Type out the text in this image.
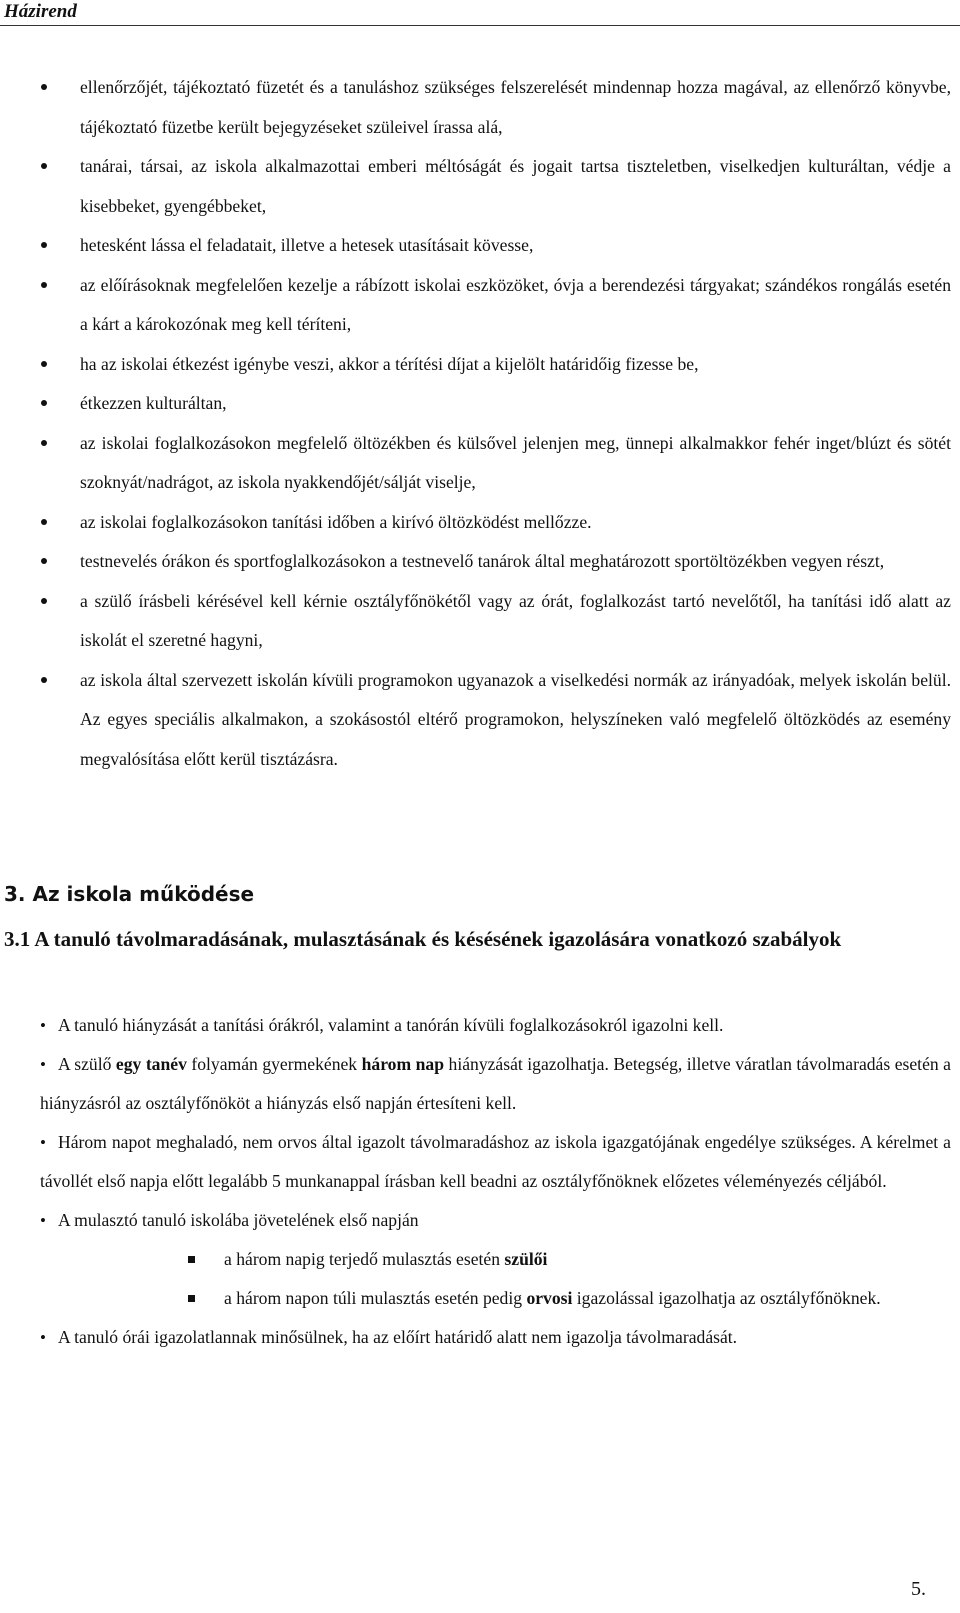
Házirend
ellenőrzőjét, tájékoztató füzetét és a tanuláshoz szükséges felszerelését mindennap hozza magával, az ellenőrző könyvbe, tájékoztató füzetbe került bejegyzéseket szüleivel írassa alá,
tanárai, társai, az iskola alkalmazottai emberi méltóságát és jogait tartsa tiszteletben, viselkedjen kulturáltan, védje a kisebbeket, gyengébbeket,
hetesként lássa el feladatait, illetve a hetesek utasításait kövesse,
az előírásoknak megfelelően kezelje a rábízott iskolai eszközöket, óvja a berendezési tárgyakat; szándékos rongálás esetén a kárt a károkozónak meg kell téríteni,
ha az iskolai étkezést igénybe veszi, akkor a térítési díjat a kijelölt határidőig fizesse be,
étkezzen kulturáltan,
az iskolai foglalkozásokon megfelelő öltözékben és külsővel jelenjen meg, ünnepi alkalmakkor fehér inget/blúzt és sötét szoknyát/nadrágot, az iskola nyakkendőjét/sálját viselje,
az iskolai foglalkozásokon tanítási időben a kirívó öltözködést mellőzze.
testnevelés órákon és sportfoglalkozásokon a testnevelő tanárok által meghatározott sportöltözékben vegyen részt,
a szülő írásbeli kérésével kell kérnie osztályfőnökétől vagy az órát, foglalkozást tartó nevelőtől, ha tanítási idő alatt az iskolát el szeretné hagyni,
az iskola által szervezett iskolán kívüli programokon ugyanazok a viselkedési normák az irányadóak, melyek iskolán belül. Az egyes speciális alkalmakon, a szokásostól eltérő programokon, helyszíneken való megfelelő öltözködés az esemény megvalósítása előtt kerül tisztázásra.
3. Az iskola működése
3.1 A tanuló távolmaradásának, mulasztásának és késésének igazolására vonatkozó szabályok
• A tanuló hiányzását a tanítási órákról, valamint a tanórán kívüli foglalkozásokról igazolni kell.
• A szülő egy tanév folyamán gyermekének három nap hiányzását igazolhatja. Betegség, illetve váratlan távolmaradás esetén a hiányzásról az osztályfőnököt a hiányzás első napján értesíteni kell.
• Három napot meghaladó, nem orvos által igazolt távolmaradáshoz az iskola igazgatójának engedélye szükséges. A kérelmet a távollét első napja előtt legalább 5 munkanappal írásban kell beadni az osztályfőnöknek előzetes véleményezés céljából.
• A mulasztó tanuló iskolába jövetelének első napján
a három napig terjedő mulasztás esetén szülői
a három napon túli mulasztás esetén pedig orvosi igazolással igazolhatja az osztályfőnöknek.
• A tanuló órái igazolatlannak minősülnek, ha az előírt határidő alatt nem igazolja távolmaradását.
5.
